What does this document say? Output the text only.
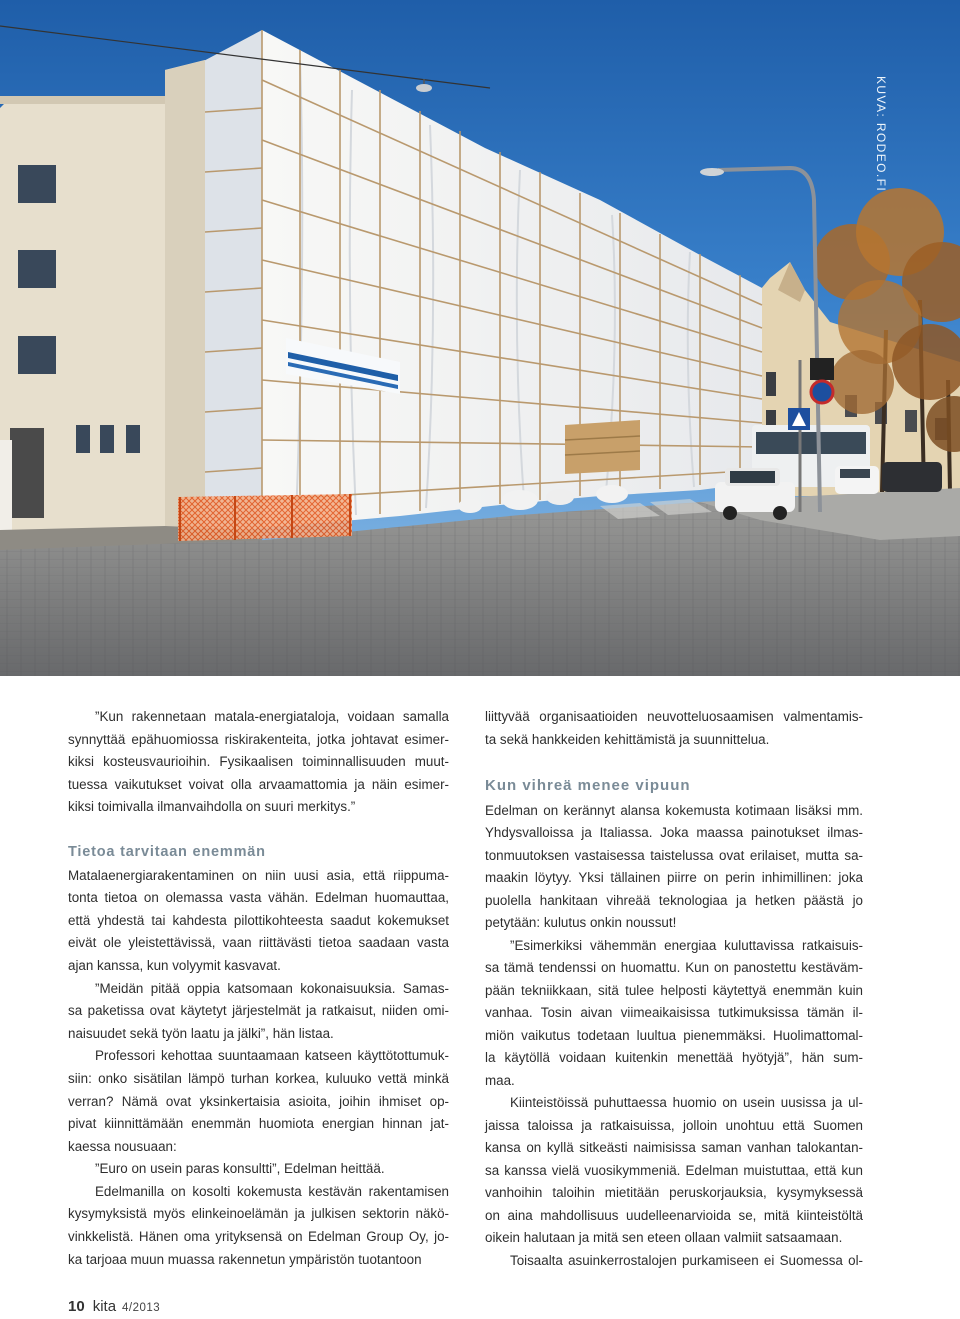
KUVA: RODEO.FI
”Kun rakennetaan matala-energiataloja, voidaan samalla
synnyttää epähuomiossa riskirakenteita, jotka johtavat esimer-
kiksi kosteusvaurioihin. Fysikaalisen toiminnallisuuden muut-
tuessa vaikutukset voivat olla arvaamattomia ja näin esimer-
kiksi toimivalla ilmanvaihdolla on suuri merkitys.”
Tietoa tarvitaan enemmän
Matalaenergiarakentaminen on niin uusi asia, että riippuma-
tonta tietoa on olemassa vasta vähän. Edelman huomauttaa,
että yhdestä tai kahdesta pilottikohteesta saadut kokemukset
eivät ole yleistettävissä, vaan riittävästi tietoa saadaan vasta
ajan kanssa, kun volyymit kasvavat.
”Meidän pitää oppia katsomaan kokonaisuuksia. Samas-
sa paketissa ovat käytetyt järjestelmät ja ratkaisut, niiden omi-
naisuudet sekä työn laatu ja jälki”, hän listaa.
Professori kehottaa suuntaamaan katseen käyttötottumuk-
siin: onko sisätilan lämpö turhan korkea, kuluuko vettä minkä
verran? Nämä ovat yksinkertaisia asioita, joihin ihmiset op-
pivat kiinnittämään enemmän huomiota energian hinnan jat-
kaessa nousuaan:
”Euro on usein paras konsultti”, Edelman heittää.
Edelmanilla on kosolti kokemusta kestävän rakentamisen
kysymyksistä myös elinkeinoelämän ja julkisen sektorin näkö-
vinkkelistä. Hänen oma yrityksensä on Edelman Group Oy, jo-
ka tarjoaa muun muassa rakennetun ympäristön tuotantoon
liittyvää organisaatioiden neuvotteluosaamisen valmentamis-
ta sekä hankkeiden kehittämistä ja suunnittelua.
Kun vihreä menee vipuun
Edelman on kerännyt alansa kokemusta kotimaan lisäksi mm.
Yhdysvalloissa ja Italiassa. Joka maassa painotukset ilmas-
tonmuutoksen vastaisessa taistelussa ovat erilaiset, mutta sa-
maakin löytyy. Yksi tällainen piirre on perin inhimillinen: joka
puolella hankitaan vihreää teknologiaa ja hetken päästä jo
petytään: kulutus onkin noussut!
”Esimerkiksi vähemmän energiaa kuluttavissa ratkaisuis-
sa tämä tendenssi on huomattu. Kun on panostettu kestäväm-
pään tekniikkaan, sitä tulee helposti käytettyä enemmän kuin
vanhaa. Tosin aivan viimeaikaisissa tutkimuksissa tämän il-
miön vaikutus todetaan luultua pienemmäksi. Huolimattomal-
la käytöllä voidaan kuitenkin menettää hyötyjä”, hän sum-
maa.
Kiinteistöissä puhuttaessa huomio on usein uusissa ja ul-
jaissa taloissa ja ratkaisuissa, jolloin unohtuu että Suomen
kansa on kyllä sitkeästi naimisissa saman vanhan talokantan-
sa kanssa vielä vuosikymmeniä. Edelman muistuttaa, että kun
vanhoihin taloihin mietitään peruskorjauksia, kysymyksessä
on aina mahdollisuus uudelleenarvioida se, mitä kiinteistöltä
oikein halutaan ja mitä sen eteen ollaan valmiit satsaamaan.
Toisaalta asuinkerrostalojen purkamiseen ei Suomessa ol-
10 kita 4/2013
